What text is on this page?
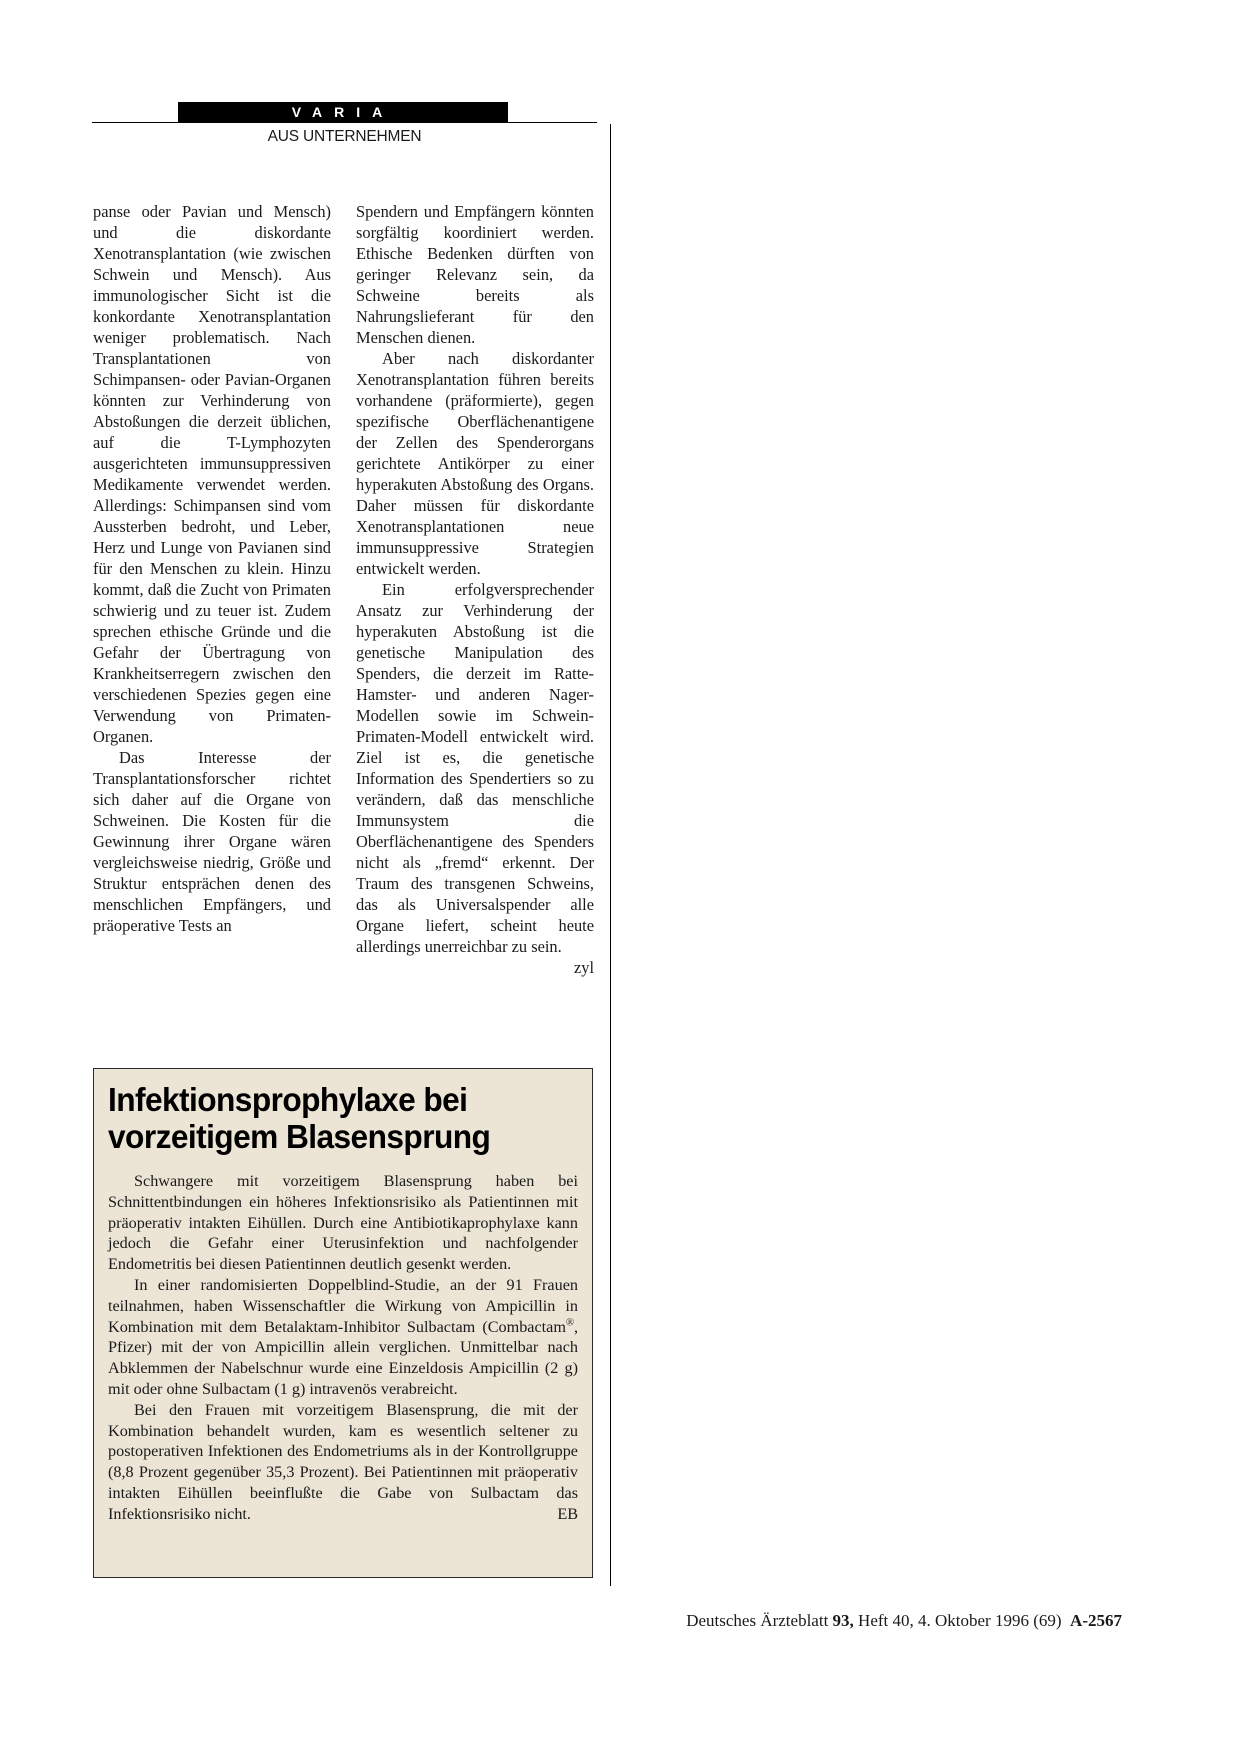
VARIA
AUS UNTERNEHMEN

panse oder Pavian und Mensch) und die diskordante Xenotransplantation (wie zwischen Schwein und Mensch). Aus immunologischer Sicht ist die konkordante Xenotransplantation weniger problematisch. Nach Transplantationen von Schimpansen- oder Pavian-Organen könnten zur Verhinderung von Abstoßungen die derzeit üblichen, auf die T-Lymphozyten ausgerichteten immunsuppressiven Medikamente verwendet werden. Allerdings: Schimpansen sind vom Aussterben bedroht, und Leber, Herz und Lunge von Pavianen sind für den Menschen zu klein. Hinzu kommt, daß die Zucht von Primaten schwierig und zu teuer ist. Zudem sprechen ethische Gründe und die Gefahr der Übertragung von Krankheitserregern zwischen den verschiedenen Spezies gegen eine Verwendung von Primaten-Organen.

Das Interesse der Transplantationsforscher richtet sich daher auf die Organe von Schweinen. Die Kosten für die Gewinnung ihrer Organe wären vergleichsweise niedrig, Größe und Struktur entsprächen denen des menschlichen Empfängers, und präoperative Tests an

Spendern und Empfängern könnten sorgfältig koordiniert werden. Ethische Bedenken dürften von geringer Relevanz sein, da Schweine bereits als Nahrungslieferant für den Menschen dienen.

Aber nach diskordanter Xenotransplantation führen bereits vorhandene (präformierte), gegen spezifische Oberflächenantigene der Zellen des Spenderorgans gerichtete Antikörper zu einer hyperakuten Abstoßung des Organs. Daher müssen für diskordante Xenotransplantationen neue immunsuppressive Strategien entwickelt werden.

Ein erfolgversprechender Ansatz zur Verhinderung der hyperakuten Abstoßung ist die genetische Manipulation des Spenders, die derzeit im Ratte-Hamster- und anderen Nager-Modellen sowie im Schwein-Primaten-Modell entwickelt wird. Ziel ist es, die genetische Information des Spendertiers so zu verändern, daß das menschliche Immunsystem die Oberflächenantigene des Spenders nicht als „fremd“ erkennt. Der Traum des transgenen Schweins, das als Universalspender alle Organe liefert, scheint heute allerdings unerreichbar zu sein.
zyl

Infektionsprophylaxe bei vorzeitigem Blasensprung

Schwangere mit vorzeitigem Blasensprung haben bei Schnittentbindungen ein höheres Infektionsrisiko als Patientinnen mit präoperativ intakten Eihüllen. Durch eine Antibiotikaprophylaxe kann jedoch die Gefahr einer Uterusinfektion und nachfolgender Endometritis bei diesen Patientinnen deutlich gesenkt werden.

In einer randomisierten Doppelblind-Studie, an der 91 Frauen teilnahmen, haben Wissenschaftler die Wirkung von Ampicillin in Kombination mit dem Betalaktam-Inhibitor Sulbactam (Combactam®, Pfizer) mit der von Ampicillin allein verglichen. Unmittelbar nach Abklemmen der Nabelschnur wurde eine Einzeldosis Ampicillin (2 g) mit oder ohne Sulbactam (1 g) intravenös verabreicht.

Bei den Frauen mit vorzeitigem Blasensprung, die mit der Kombination behandelt wurden, kam es wesentlich seltener zu postoperativen Infektionen des Endometriums als in der Kontrollgruppe (8,8 Prozent gegenüber 35,3 Prozent). Bei Patientinnen mit präoperativ intakten Eihüllen beeinflußte die Gabe von Sulbactam das Infektionsrisiko nicht.	EB

Deutsches Ärzteblatt 93, Heft 40, 4. Oktober 1996 (69) A-2567
